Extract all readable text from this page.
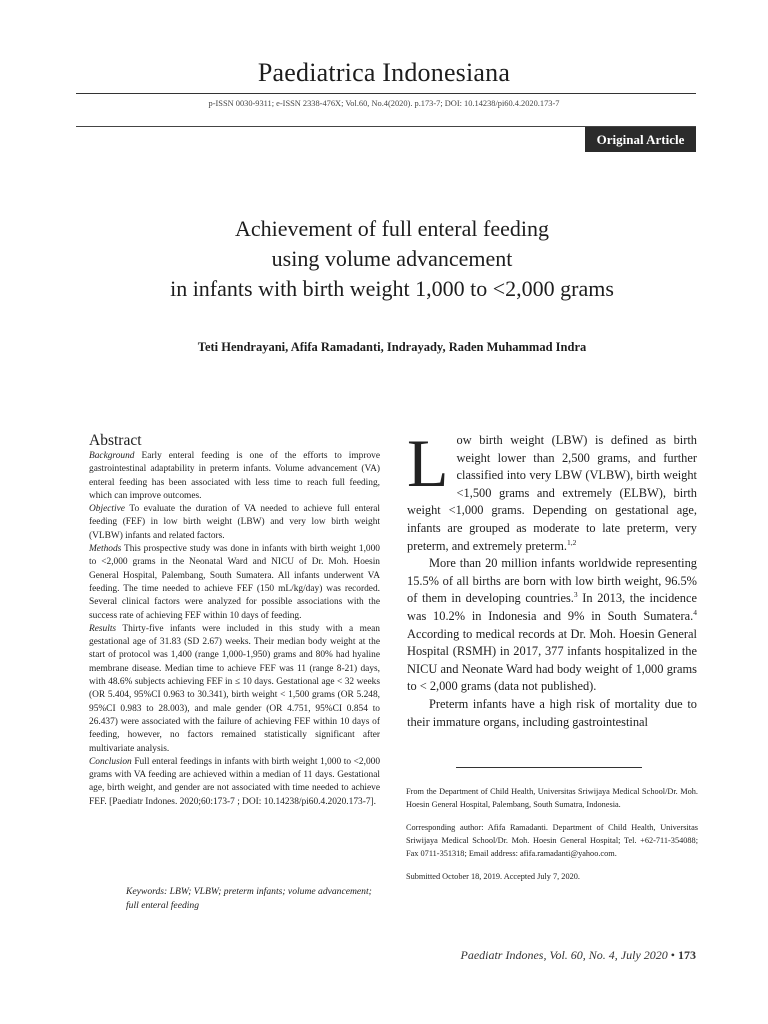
Paediatrica Indonesiana
p-ISSN 0030-9311; e-ISSN 2338-476X; Vol.60, No.4(2020). p.173-7; DOI: 10.14238/pi60.4.2020.173-7
Original Article
Achievement of full enteral feeding
using volume advancement
in infants with birth weight 1,000 to <2,000 grams
Teti Hendrayani, Afifa Ramadanti, Indrayady, Raden Muhammad Indra
Abstract

Background Early enteral feeding is one of the efforts to improve gastrointestinal adaptability in preterm infants. Volume advancement (VA) enteral feeding has been associated with less time to reach full feeding, which can improve outcomes.

Objective To evaluate the duration of VA needed to achieve full enteral feeding (FEF) in low birth weight (LBW) and very low birth weight (VLBW) infants and related factors.

Methods This prospective study was done in infants with birth weight 1,000 to <2,000 grams in the Neonatal Ward and NICU of Dr. Moh. Hoesin General Hospital, Palembang, South Sumatera. All infants underwent VA feeding. The time needed to achieve FEF (150 mL/kg/day) was recorded. Several clinical factors were analyzed for possible associations with the success rate of achieving FEF within 10 days of feeding.

Results Thirty-five infants were included in this study with a mean gestational age of 31.83 (SD 2.67) weeks. Their median body weight at the start of protocol was 1,400 (range 1,000-1,950) grams and 80% had hyaline membrane disease. Median time to achieve FEF was 11 (range 8-21) days, with 48.6% subjects achieving FEF in ≤ 10 days. Gestational age < 32 weeks (OR 5.404, 95%CI 0.963 to 30.341), birth weight < 1,500 grams (OR 5.248, 95%CI 0.983 to 28.003), and male gender (OR 4.751, 95%CI 0.854 to 26.437) were associated with the failure of achieving FEF within 10 days of feeding, however, no factors remained statistically significant after multivariate analysis.

Conclusion Full enteral feedings in infants with birth weight 1,000 to <2,000 grams with VA feeding are achieved within a median of 11 days. Gestational age, birth weight, and gender are not associated with time needed to achieve FEF. [Paediatr Indones. 2020;60:173-7 ; DOI: 10.14238/pi60.4.2020.173-7].

Keywords: LBW; VLBW; preterm infants; volume advancement; full enteral feeding

Low birth weight (LBW) is defined as birth weight lower than 2,500 grams, and further classified into very LBW (VLBW), birth weight <1,500 grams and extremely (ELBW), birth weight <1,000 grams. Depending on gestational age, infants are grouped as moderate to late preterm, very preterm, and extremely preterm.$^{1,2}$

More than 20 million infants worldwide representing 15.5% of all births are born with low birth weight, 96.5% of them in developing countries.$^3$ In 2013, the incidence was 10.2% in Indonesia and 9% in South Sumatera.$^4$ According to medical records at Dr. Moh. Hoesin General Hospital (RSMH) in 2017, 377 infants hospitalized in the NICU and Neonate Ward had body weight of 1,000 grams to < 2,000 grams (data not published).

Preterm infants have a high risk of mortality due to their immature organs, including gastrointestinal

From the Department of Child Health, Universitas Sriwijaya Medical School/Dr. Moh. Hoesin General Hospital, Palembang, South Sumatra, Indonesia.

Corresponding author: Afifa Ramadanti. Department of Child Health, Universitas Sriwijaya Medical School/Dr. Moh. Hoesin General Hospital; Tel. +62-711-354088; Fax 0711-351318; Email address: afifa.ramadanti@yahoo.com.

Submitted October 18, 2019. Accepted July 7, 2020.

Paediatr Indones, Vol. 60, No. 4, July 2020 • 173
